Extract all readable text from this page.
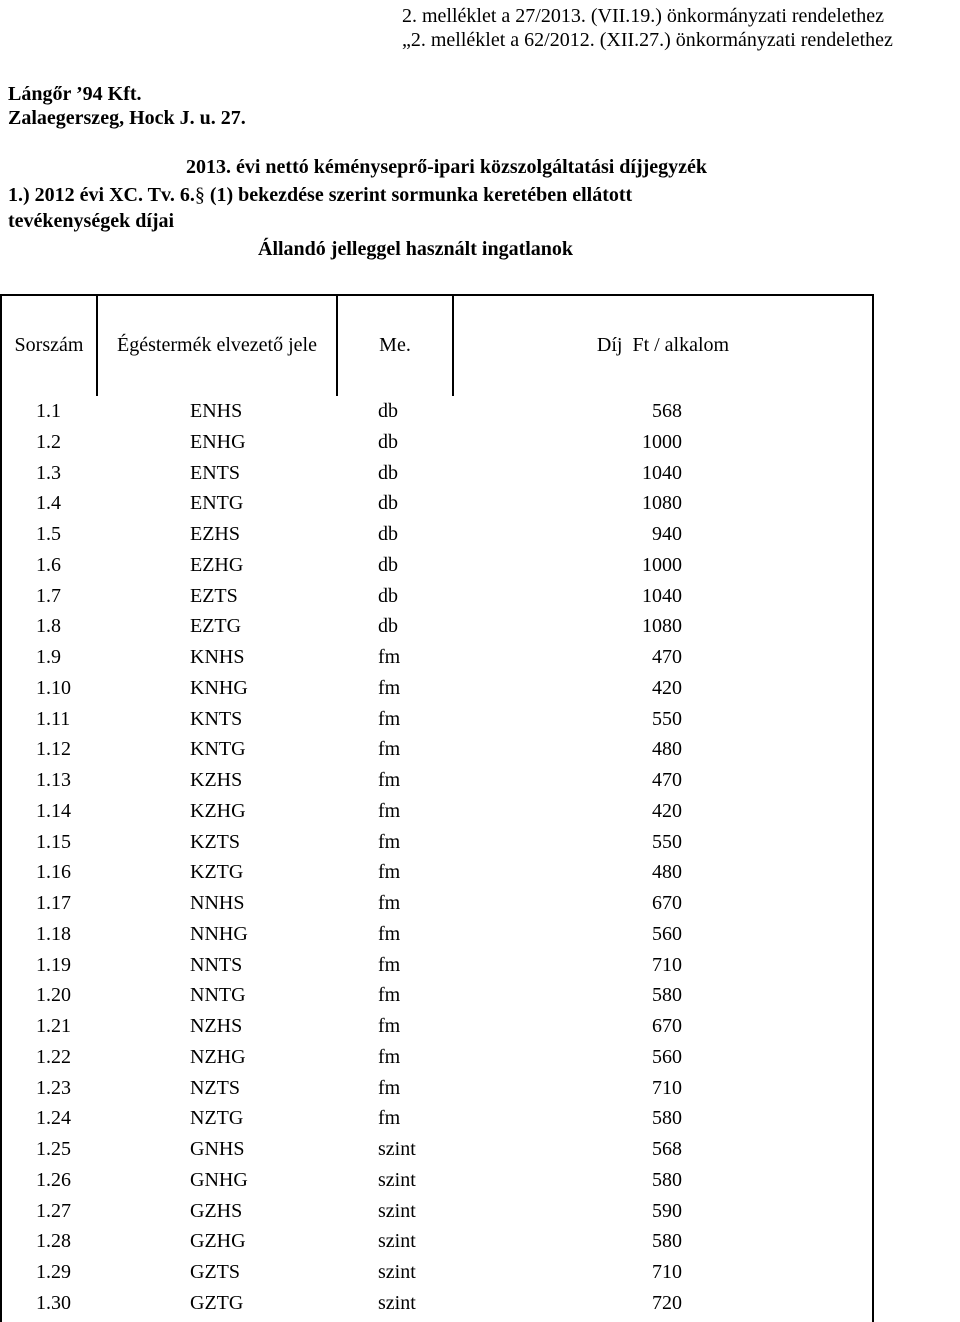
2. melléklet a 27/2013. (VII.19.) önkormányzati rendelethez
„2. melléklet a 62/2012. (XII.27.) önkormányzati rendelethez
Lángőr ’94 Kft.
Zalaegerszeg, Hock J. u. 27.
2013. évi nettó kéményseprő-ipari közszolgáltatási díjjegyzék
1.) 2012 évi XC. Tv. 6.§ (1) bekezdése szerint sormunka keretében ellátott
tevékenységek díjai
Állandó jelleggel használt ingatlanok
Sorszám	Égéstermék elvezető jele	Me.	Díj  Ft / alkalom
1.1	ENHS	db	568
1.2	ENHG	db	1000
1.3	ENTS	db	1040
1.4	ENTG	db	1080
1.5	EZHS	db	940
1.6	EZHG	db	1000
1.7	EZTS	db	1040
1.8	EZTG	db	1080
1.9	KNHS	fm	470
1.10	KNHG	fm	420
1.11	KNTS	fm	550
1.12	KNTG	fm	480
1.13	KZHS	fm	470
1.14	KZHG	fm	420
1.15	KZTS	fm	550
1.16	KZTG	fm	480
1.17	NNHS	fm	670
1.18	NNHG	fm	560
1.19	NNTS	fm	710
1.20	NNTG	fm	580
1.21	NZHS	fm	670
1.22	NZHG	fm	560
1.23	NZTS	fm	710
1.24	NZTG	fm	580
1.25	GNHS	szint	568
1.26	GNHG	szint	580
1.27	GZHS	szint	590
1.28	GZHG	szint	580
1.29	GZTS	szint	710
1.30	GZTG	szint	720
